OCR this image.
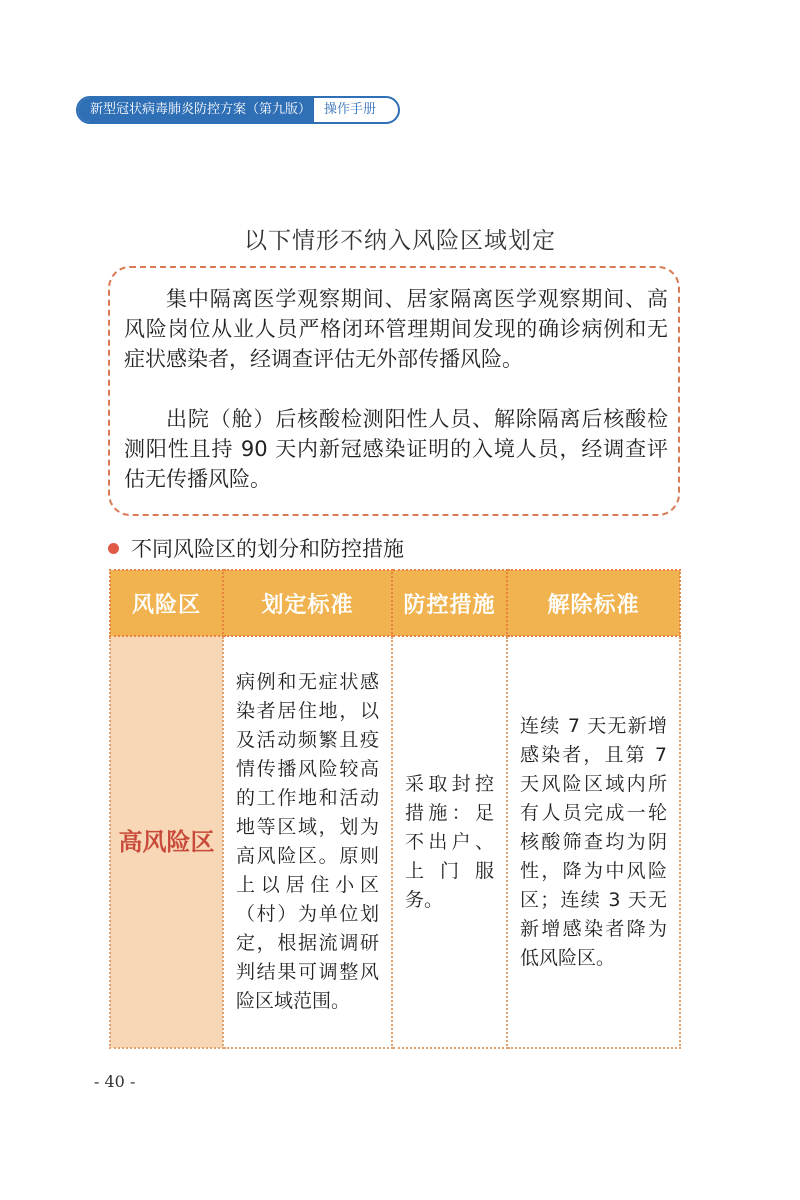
新型冠状病毒肺炎防控方案（第九版） 操作手册
以下情形不纳入风险区域划定
集中隔离医学观察期间、居家隔离医学观察期间、高风险岗位从业人员严格闭环管理期间发现的确诊病例和无症状感染者，经调查评估无外部传播风险。
出院（舱）后核酸检测阳性人员、解除隔离后核酸检测阳性且持 90 天内新冠感染证明的入境人员，经调查评估无传播风险。
不同风险区的划分和防控措施
风险区	划定标准	防控措施	解除标准
高风险区	病例和无症状感染者居住地，以及活动频繁且疫情传播风险较高的工作地和活动地等区域，划为高风险区。原则上以居住小区（村）为单位划定，根据流调研判结果可调整风险区域范围。	采取封控措施：足不出户、上门服务。	连续 7 天无新增感染者，且第 7 天风险区域内所有人员完成一轮核酸筛查均为阴性，降为中风险区；连续 3 天无新增感染者降为低风险区。
- 40 -
